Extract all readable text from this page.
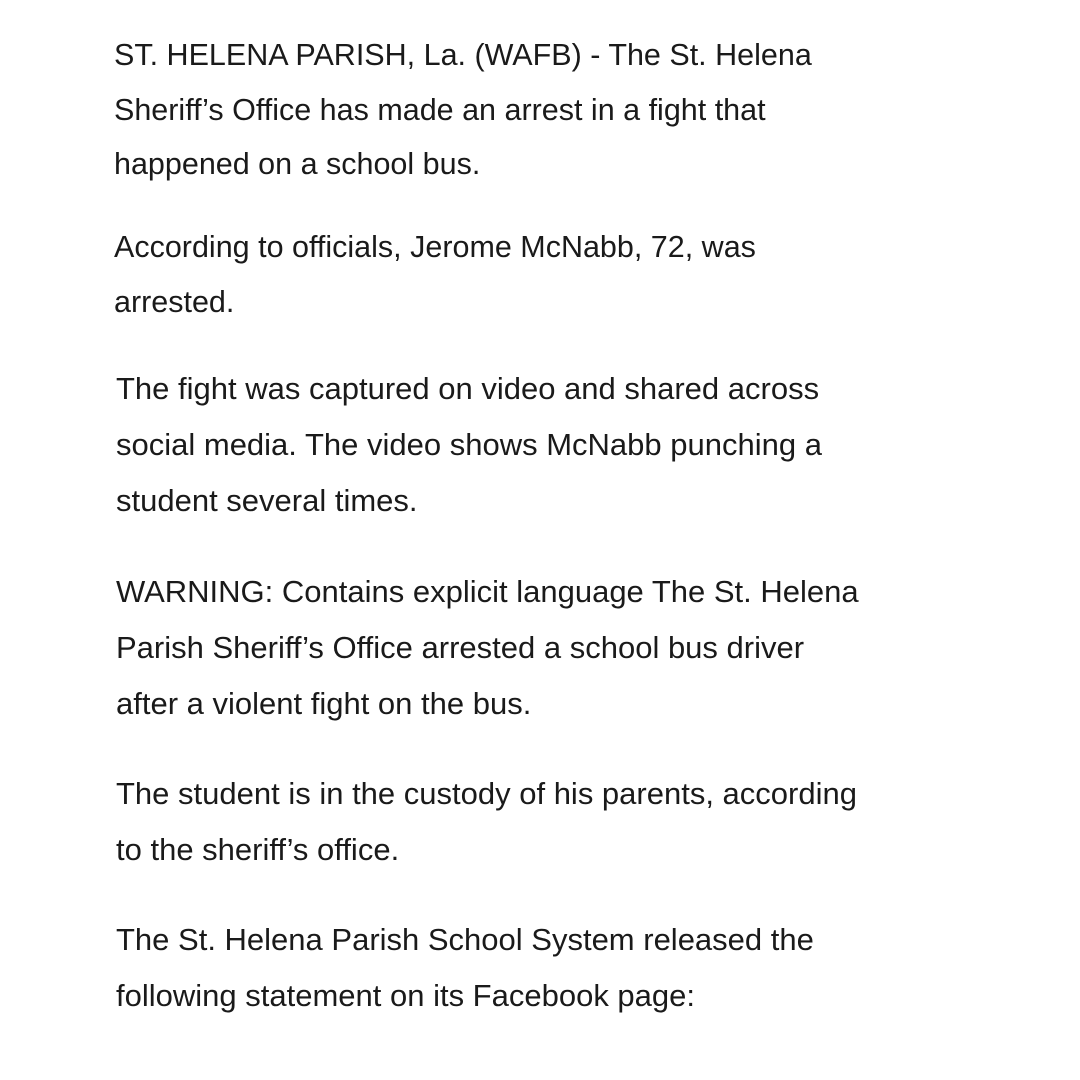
ST. HELENA PARISH, La. (WAFB) - The St. Helena
Sheriff’s Office has made an arrest in a fight that
happened on a school bus.

According to officials, Jerome McNabb, 72, was
arrested.

The fight was captured on video and shared across
social media. The video shows McNabb punching a
student several times.

WARNING: Contains explicit language The St. Helena
Parish Sheriff’s Office arrested a school bus driver
after a violent fight on the bus.

The student is in the custody of his parents, according
to the sheriff’s office.

The St. Helena Parish School System released the
following statement on its Facebook page:
